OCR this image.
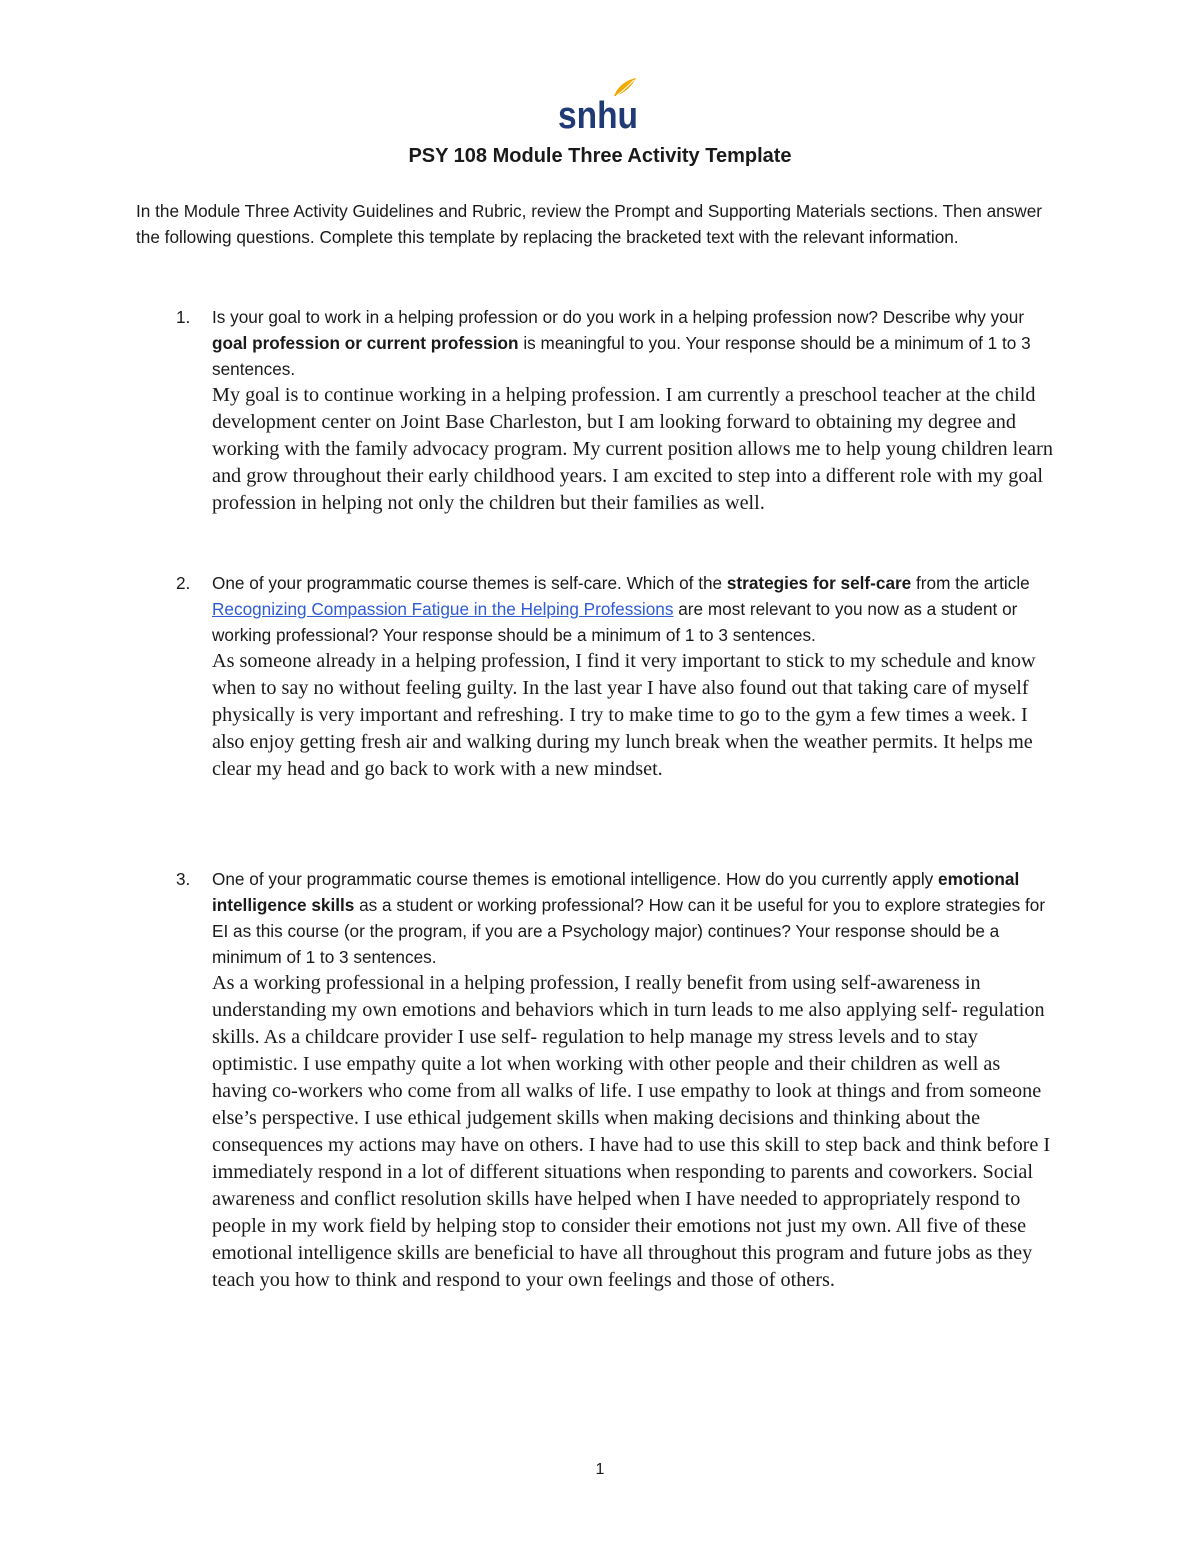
snhu
PSY 108 Module Three Activity Template

In the Module Three Activity Guidelines and Rubric, review the Prompt and Supporting Materials sections. Then answer the following questions. Complete this template by replacing the bracketed text with the relevant information.

1. Is your goal to work in a helping profession or do you work in a helping profession now? Describe why your goal profession or current profession is meaningful to you. Your response should be a minimum of 1 to 3 sentences.

My goal is to continue working in a helping profession. I am currently a preschool teacher at the child development center on Joint Base Charleston, but I am looking forward to obtaining my degree and working with the family advocacy program. My current position allows me to help young children learn and grow throughout their early childhood years. I am excited to step into a different role with my goal profession in helping not only the children but their families as well.

2. One of your programmatic course themes is self-care. Which of the strategies for self-care from the article Recognizing Compassion Fatigue in the Helping Professions are most relevant to you now as a student or working professional? Your response should be a minimum of 1 to 3 sentences.

As someone already in a helping profession, I find it very important to stick to my schedule and know when to say no without feeling guilty. In the last year I have also found out that taking care of myself physically is very important and refreshing. I try to make time to go to the gym a few times a week. I also enjoy getting fresh air and walking during my lunch break when the weather permits. It helps me clear my head and go back to work with a new mindset.

3. One of your programmatic course themes is emotional intelligence. How do you currently apply emotional intelligence skills as a student or working professional? How can it be useful for you to explore strategies for EI as this course (or the program, if you are a Psychology major) continues? Your response should be a minimum of 1 to 3 sentences.

As a working professional in a helping profession, I really benefit from using self-awareness in understanding my own emotions and behaviors which in turn leads to me also applying self- regulation skills. As a childcare provider I use self- regulation to help manage my stress levels and to stay optimistic. I use empathy quite a lot when working with other people and their children as well as having co-workers who come from all walks of life. I use empathy to look at things and from someone else’s perspective. I use ethical judgement skills when making decisions and thinking about the consequences my actions may have on others. I have had to use this skill to step back and think before I immediately respond in a lot of different situations when responding to parents and coworkers. Social awareness and conflict resolution skills have helped when I have needed to appropriately respond to people in my work field by helping stop to consider their emotions not just my own. All five of these emotional intelligence skills are beneficial to have all throughout this program and future jobs as they teach you how to think and respond to your own feelings and those of others.

1
